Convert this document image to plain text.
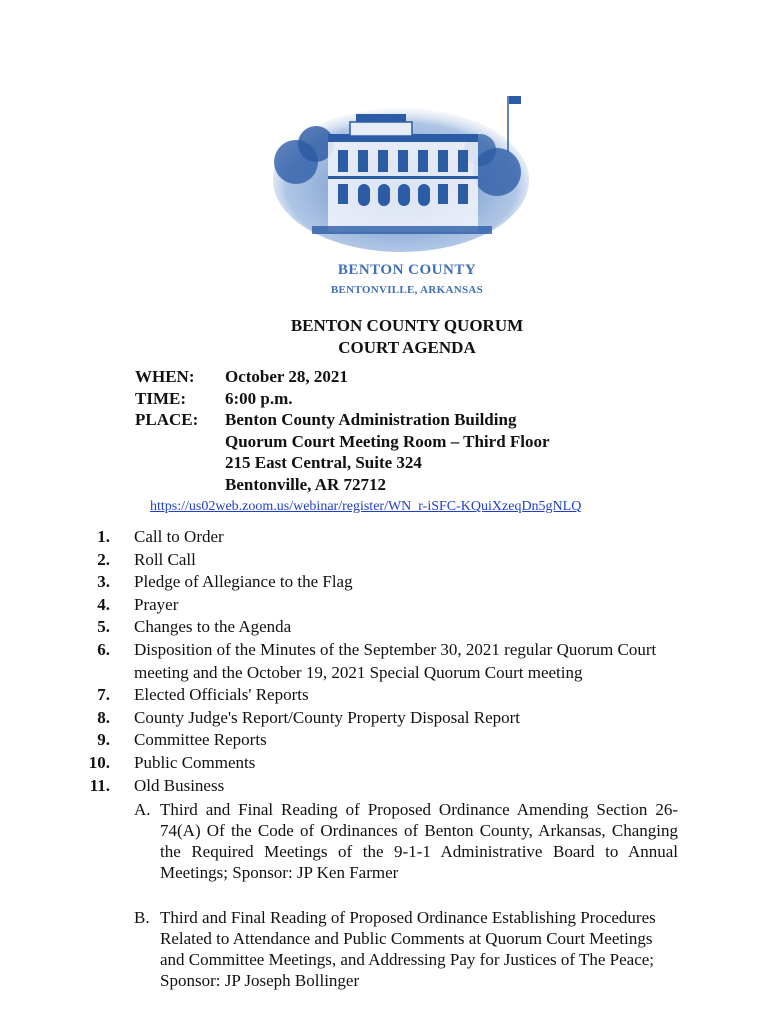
BENTON COUNTY
BENTONVILLE, ARKANSAS
BENTON COUNTY QUORUM
COURT AGENDA
WHEN:
TIME:
PLACE:
October 28, 2021
6:00 p.m.
Benton County Administration Building
Quorum Court Meeting Room – Third Floor
215 East Central, Suite 324
Bentonville, AR 72712
https://us02web.zoom.us/webinar/register/WN_r-iSFC-KQuiXzeqDn5gNLQ
1. Call to Order
2. Roll Call
3. Pledge of Allegiance to the Flag
4. Prayer
5. Changes to the Agenda
6. Disposition of the Minutes of the September 30, 2021 regular Quorum Court meeting and the October 19, 2021 Special Quorum Court meeting
7. Elected Officials' Reports
8. County Judge's Report/County Property Disposal Report
9. Committee Reports
10. Public Comments
11. Old Business
A. Third and Final Reading of Proposed Ordinance Amending Section 26-74(A) Of the Code of Ordinances of Benton County, Arkansas, Changing the Required Meetings of the 9-1-1 Administrative Board to Annual Meetings; Sponsor: JP Ken Farmer
B. Third and Final Reading of Proposed Ordinance Establishing Procedures Related to Attendance and Public Comments at Quorum Court Meetings and Committee Meetings, and Addressing Pay for Justices of The Peace; Sponsor: JP Joseph Bollinger
